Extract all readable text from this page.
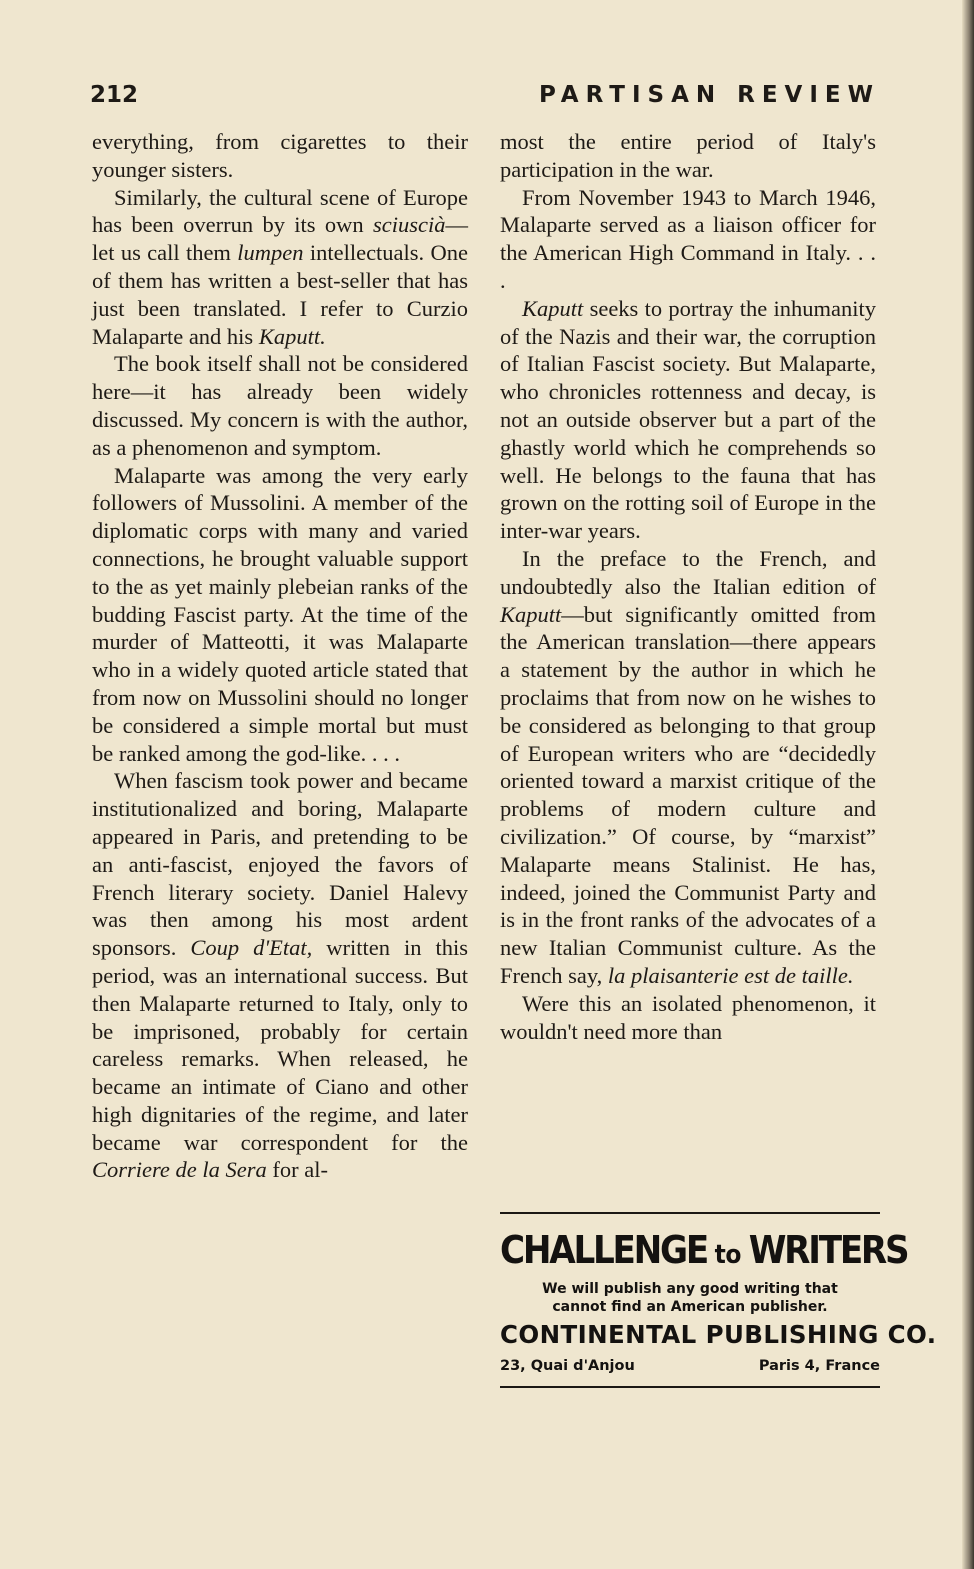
212	PARTISAN REVIEW

everything, from cigarettes to their younger sisters.

Similarly, the cultural scene of Europe has been overrun by its own sciuscià—let us call them lumpen intellectuals. One of them has written a best-seller that has just been translated. I refer to Curzio Malaparte and his Kaputt.

The book itself shall not be considered here—it has already been widely discussed. My concern is with the author, as a phenomenon and symptom.

Malaparte was among the very early followers of Mussolini. A member of the diplomatic corps with many and varied connections, he brought valuable support to the as yet mainly plebeian ranks of the budding Fascist party. At the time of the murder of Matteotti, it was Malaparte who in a widely quoted article stated that from now on Mussolini should no longer be considered a simple mortal but must be ranked among the god-like. . . .

When fascism took power and became institutionalized and boring, Malaparte appeared in Paris, and pretending to be an anti-fascist, enjoyed the favors of French literary society. Daniel Halevy was then among his most ardent sponsors. Coup d'Etat, written in this period, was an international success. But then Malaparte returned to Italy, only to be imprisoned, probably for certain careless remarks. When released, he became an intimate of Ciano and other high dignitaries of the regime, and later became war correspondent for the Corriere de la Sera for al-

most the entire period of Italy's participation in the war.

From November 1943 to March 1946, Malaparte served as a liaison officer for the American High Command in Italy. . . .

Kaputt seeks to portray the inhumanity of the Nazis and their war, the corruption of Italian Fascist society. But Malaparte, who chronicles rottenness and decay, is not an outside observer but a part of the ghastly world which he comprehends so well. He belongs to the fauna that has grown on the rotting soil of Europe in the inter-war years.

In the preface to the French, and undoubtedly also the Italian edition of Kaputt—but significantly omitted from the American translation—there appears a statement by the author in which he proclaims that from now on he wishes to be considered as belonging to that group of European writers who are “decidedly oriented toward a marxist critique of the problems of modern culture and civilization.” Of course, by “marxist” Malaparte means Stalinist. He has, indeed, joined the Communist Party and is in the front ranks of the advocates of a new Italian Communist culture. As the French say, la plaisanterie est de taille.

Were this an isolated phenomenon, it wouldn't need more than

CHALLENGE to WRITERS
We will publish any good writing that
cannot find an American publisher.
CONTINENTAL PUBLISHING CO.
23, Quai d'Anjou	Paris 4, France
